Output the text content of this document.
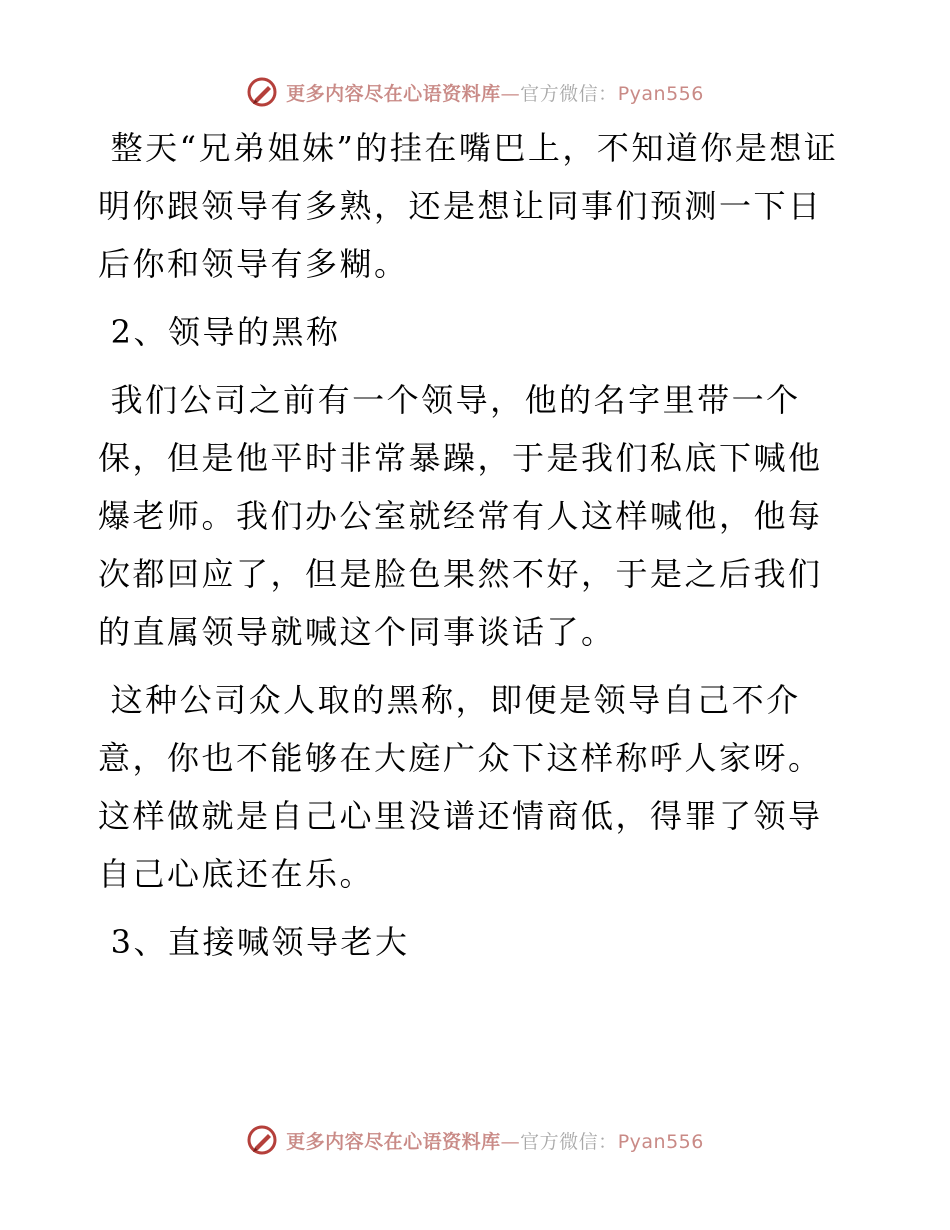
更多内容尽在心语资料库—官方微信：Pyan556

整天“兄弟姐妹”的挂在嘴巴上，不知道你是想证明你跟领导有多熟，还是想让同事们预测一下日后你和领导有多糊。

2、领导的黑称

我们公司之前有一个领导，他的名字里带一个保，但是他平时非常暴躁，于是我们私底下喊他爆老师。我们办公室就经常有人这样喊他，他每次都回应了，但是脸色果然不好，于是之后我们的直属领导就喊这个同事谈话了。

这种公司众人取的黑称，即便是领导自己不介意，你也不能够在大庭广众下这样称呼人家呀。这样做就是自己心里没谱还情商低，得罪了领导自己心底还在乐。

3、直接喊领导老大

更多内容尽在心语资料库—官方微信：Pyan556
